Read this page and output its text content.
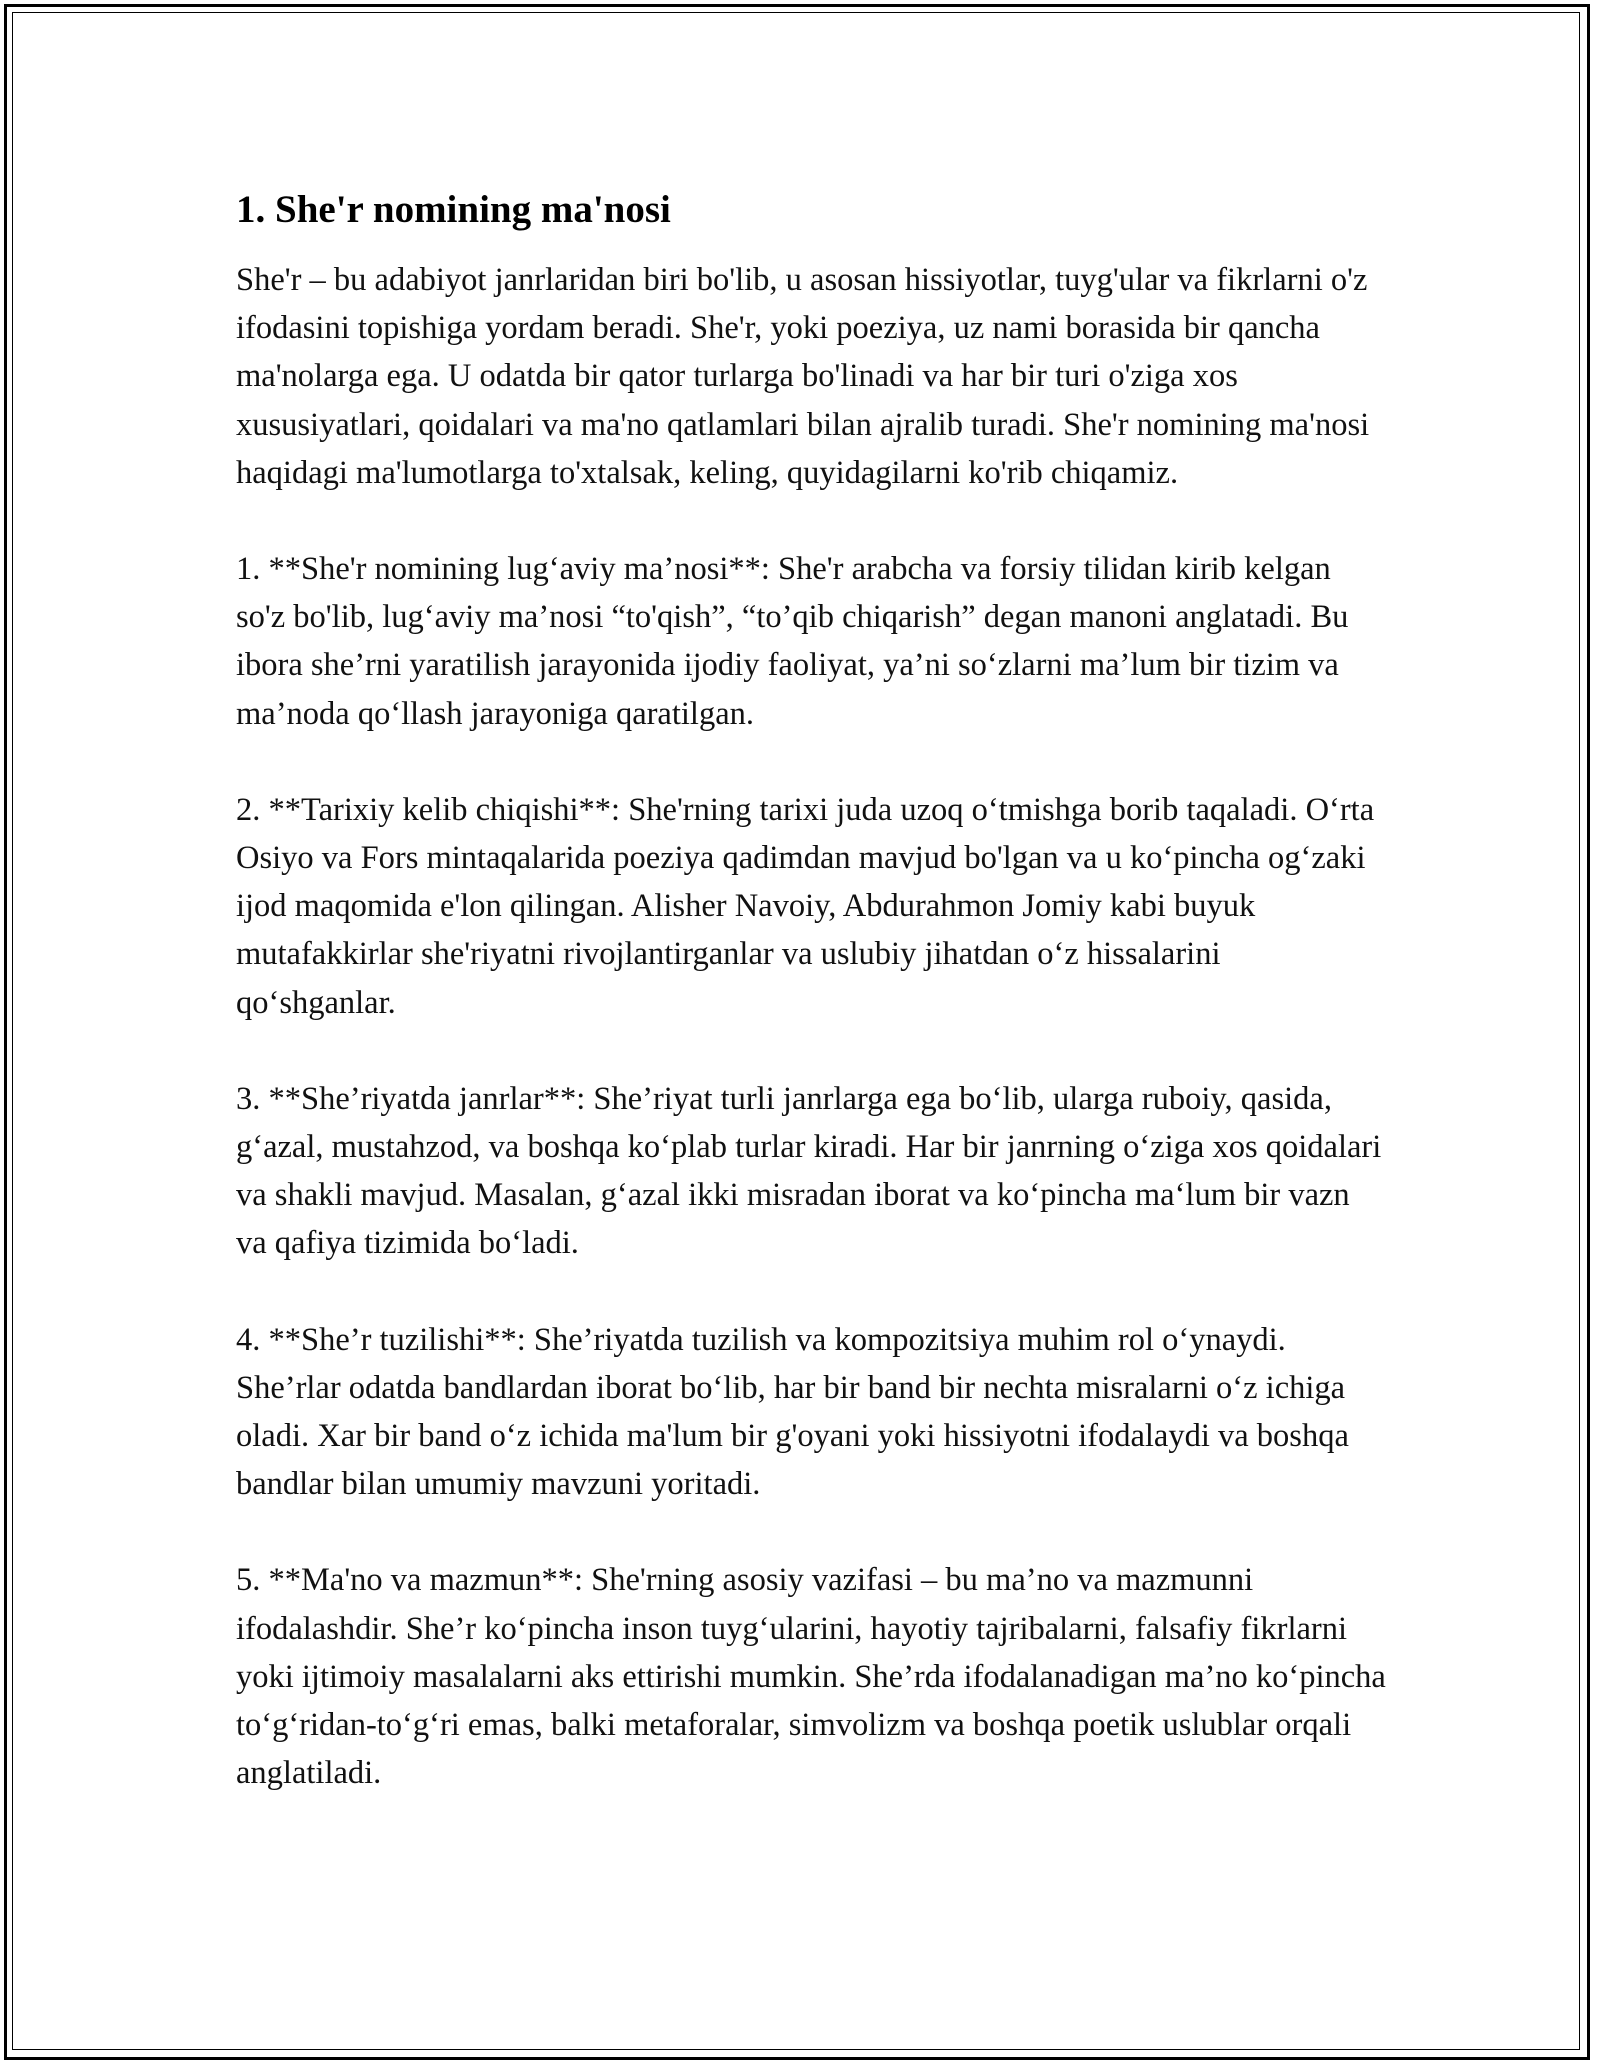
1. She'r nomining ma'nosi

She'r – bu adabiyot janrlaridan biri bo'lib, u asosan hissiyotlar, tuyg'ular va fikrlarni o'z ifodasini topishiga yordam beradi. She'r, yoki poeziya, uz nami borasida bir qancha ma'nolarga ega. U odatda bir qator turlarga bo'linadi va har bir turi o'ziga xos xususiyatlari, qoidalari va ma'no qatlamlari bilan ajralib turadi. She'r nomining ma'nosi haqidagi ma'lumotlarga to'xtalsak, keling, quyidagilarni ko'rib chiqamiz.

1. **She'r nomining lug‘aviy ma’nosi**: She'r arabcha va forsiy tilidan kirib kelgan so'z bo'lib, lug‘aviy ma’nosi “to'qish”, “to’qib chiqarish” degan manoni anglatadi. Bu ibora she’rni yaratilish jarayonida ijodiy faoliyat, ya’ni so‘zlarni ma’lum bir tizim va ma’noda qo‘llash jarayoniga qaratilgan.

2. **Tarixiy kelib chiqishi**: She'rning tarixi juda uzoq o‘tmishga borib taqaladi. O‘rta Osiyo va Fors mintaqalarida poeziya qadimdan mavjud bo'lgan va u ko‘pincha og‘zaki ijod maqomida e'lon qilingan. Alisher Navoiy, Abdurahmon Jomiy kabi buyuk mutafakkirlar she'riyatni rivojlantirganlar va uslubiy jihatdan o‘z hissalarini qo‘shganlar.

3. **She’riyatda janrlar**: She’riyat turli janrlarga ega bo‘lib, ularga ruboiy, qasida, g‘azal, mustahzod, va boshqa ko‘plab turlar kiradi. Har bir janrning o‘ziga xos qoidalari va shakli mavjud. Masalan, g‘azal ikki misradan iborat va ko‘pincha ma‘lum bir vazn va qafiya tizimida bo‘ladi.

4. **She’r tuzilishi**: She’riyatda tuzilish va kompozitsiya muhim rol o‘ynaydi. She’rlar odatda bandlardan iborat bo‘lib, har bir band bir nechta misralarni o‘z ichiga oladi. Xar bir band o‘z ichida ma'lum bir g'oyani yoki hissiyotni ifodalaydi va boshqa bandlar bilan umumiy mavzuni yoritadi.

5. **Ma'no va mazmun**: She'rning asosiy vazifasi – bu ma’no va mazmunni ifodalashdir. She’r ko‘pincha inson tuyg‘ularini, hayotiy tajribalarni, falsafiy fikrlarni yoki ijtimoiy masalalarni aks ettirishi mumkin. She’rda ifodalanadigan ma’no ko‘pincha to‘g‘ridan-to‘g‘ri emas, balki metaforalar, simvolizm va boshqa poetik uslublar orqali anglatiladi.
